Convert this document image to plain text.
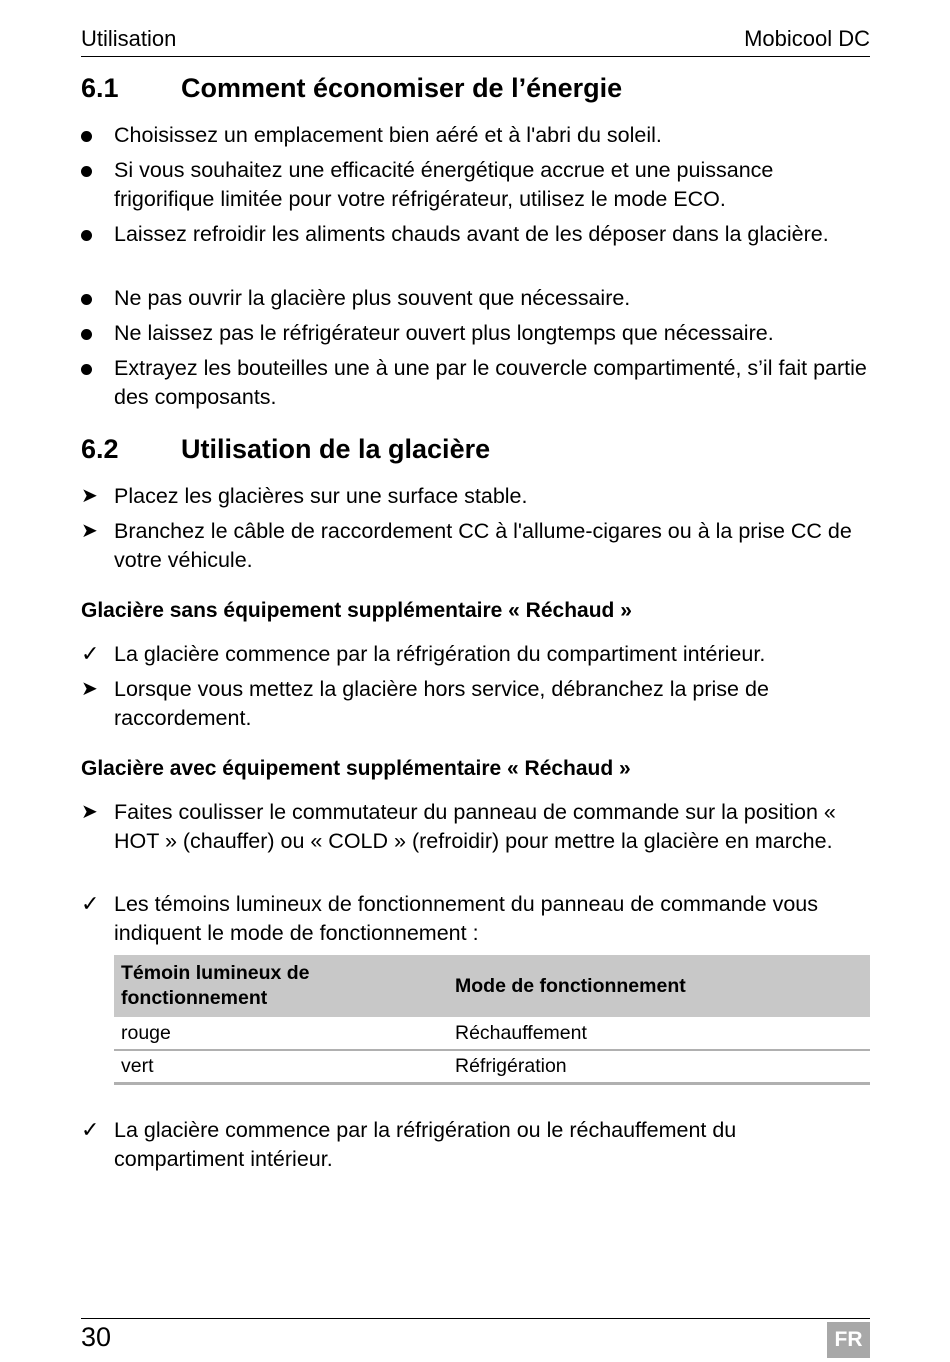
Utilisation	Mobicool DC
6.1 Comment économiser de l’énergie
Choisissez un emplacement bien aéré et à l'abri du soleil.
Si vous souhaitez une efficacité énergétique accrue et une puissance frigorifique limitée pour votre réfrigérateur, utilisez le mode ECO.
Laissez refroidir les aliments chauds avant de les déposer dans la glacière.
Ne pas ouvrir la glacière plus souvent que nécessaire.
Ne laissez pas le réfrigérateur ouvert plus longtemps que nécessaire.
Extrayez les bouteilles une à une par le couvercle compartimenté, s’il fait partie des composants.
6.2 Utilisation de la glacière
➤ Placez les glacières sur une surface stable.
➤ Branchez le câble de raccordement CC à l'allume-cigares ou à la prise CC de votre véhicule.
Glacière sans équipement supplémentaire « Réchaud »
✓ La glacière commence par la réfrigération du compartiment intérieur.
➤ Lorsque vous mettez la glacière hors service, débranchez la prise de raccordement.
Glacière avec équipement supplémentaire « Réchaud »
➤ Faites coulisser le commutateur du panneau de commande sur la position « HOT » (chauffer) ou « COLD » (refroidir) pour mettre la glacière en marche.
✓ Les témoins lumineux de fonctionnement du panneau de commande vous indiquent le mode de fonctionnement :
Témoin lumineux de fonctionnement	Mode de fonctionnement
rouge	Réchauffement
vert	Réfrigération
✓ La glacière commence par la réfrigération ou le réchauffement du compartiment intérieur.
30	FR
